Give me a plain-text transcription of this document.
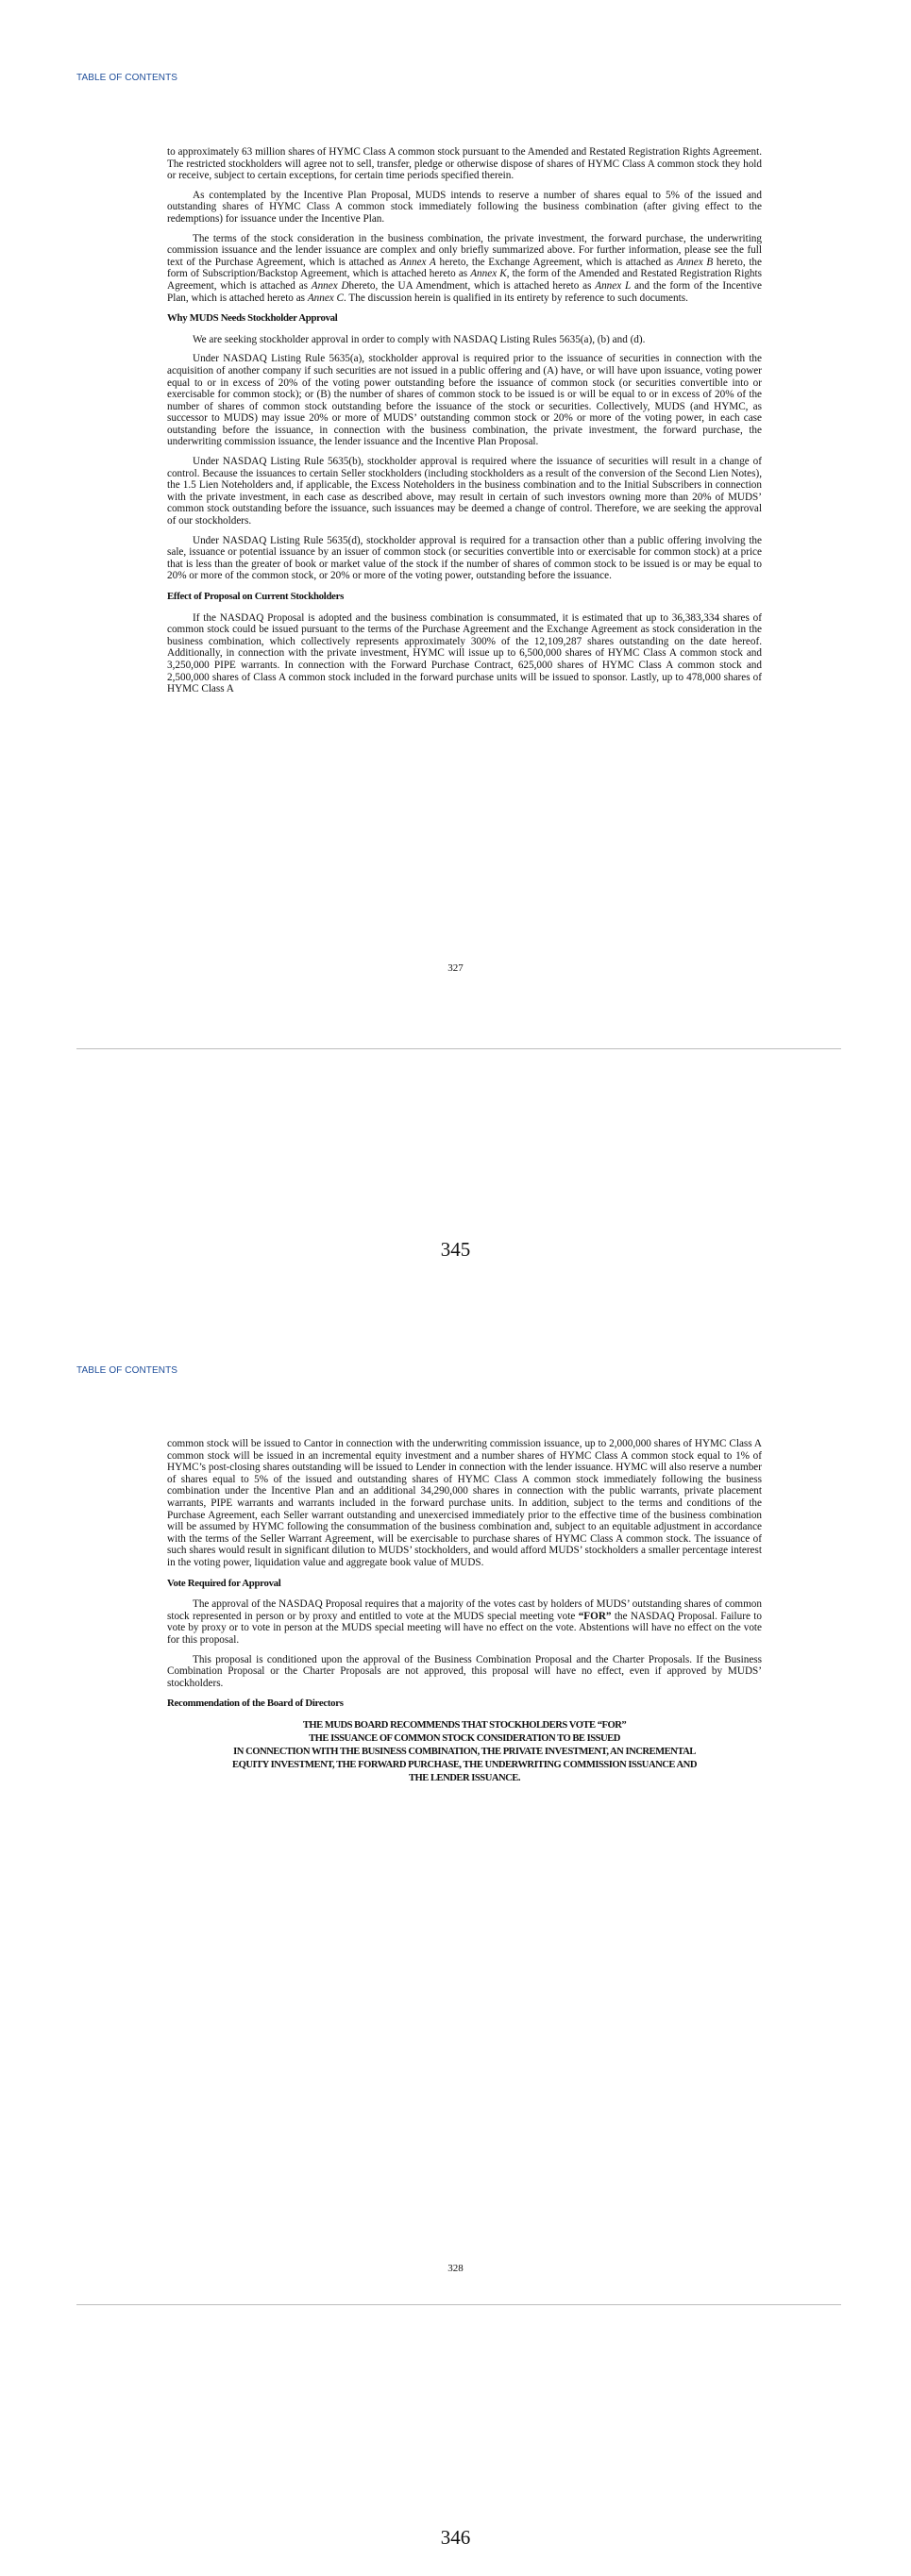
TABLE OF CONTENTS

to approximately 63 million shares of HYMC Class A common stock pursuant to the Amended and Restated Registration Rights Agreement. The restricted stockholders will agree not to sell, transfer, pledge or otherwise dispose of shares of HYMC Class A common stock they hold or receive, subject to certain exceptions, for certain time periods specified therein.

As contemplated by the Incentive Plan Proposal, MUDS intends to reserve a number of shares equal to 5% of the issued and outstanding shares of HYMC Class A common stock immediately following the business combination (after giving effect to the redemptions) for issuance under the Incentive Plan.

The terms of the stock consideration in the business combination, the private investment, the forward purchase, the underwriting commission issuance and the lender issuance are complex and only briefly summarized above. For further information, please see the full text of the Purchase Agreement, which is attached as Annex A hereto, the Exchange Agreement, which is attached as Annex B hereto, the form of Subscription/Backstop Agreement, which is attached hereto as Annex K, the form of the Amended and Restated Registration Rights Agreement, which is attached as Annex Dhereto, the UA Amendment, which is attached hereto as Annex L and the form of the Incentive Plan, which is attached hereto as Annex C. The discussion herein is qualified in its entirety by reference to such documents.

Why MUDS Needs Stockholder Approval

We are seeking stockholder approval in order to comply with NASDAQ Listing Rules 5635(a), (b) and (d).

Under NASDAQ Listing Rule 5635(a), stockholder approval is required prior to the issuance of securities in connection with the acquisition of another company if such securities are not issued in a public offering and (A) have, or will have upon issuance, voting power equal to or in excess of 20% of the voting power outstanding before the issuance of common stock (or securities convertible into or exercisable for common stock); or (B) the number of shares of common stock to be issued is or will be equal to or in excess of 20% of the number of shares of common stock outstanding before the issuance of the stock or securities. Collectively, MUDS (and HYMC, as successor to MUDS) may issue 20% or more of MUDS’ outstanding common stock or 20% or more of the voting power, in each case outstanding before the issuance, in connection with the business combination, the private investment, the forward purchase, the underwriting commission issuance, the lender issuance and the Incentive Plan Proposal.

Under NASDAQ Listing Rule 5635(b), stockholder approval is required where the issuance of securities will result in a change of control. Because the issuances to certain Seller stockholders (including stockholders as a result of the conversion of the Second Lien Notes), the 1.5 Lien Noteholders and, if applicable, the Excess Noteholders in the business combination and to the Initial Subscribers in connection with the private investment, in each case as described above, may result in certain of such investors owning more than 20% of MUDS’ common stock outstanding before the issuance, such issuances may be deemed a change of control. Therefore, we are seeking the approval of our stockholders.

Under NASDAQ Listing Rule 5635(d), stockholder approval is required for a transaction other than a public offering involving the sale, issuance or potential issuance by an issuer of common stock (or securities convertible into or exercisable for common stock) at a price that is less than the greater of book or market value of the stock if the number of shares of common stock to be issued is or may be equal to 20% or more of the common stock, or 20% or more of the voting power, outstanding before the issuance.

Effect of Proposal on Current Stockholders

If the NASDAQ Proposal is adopted and the business combination is consummated, it is estimated that up to 36,383,334 shares of common stock could be issued pursuant to the terms of the Purchase Agreement and the Exchange Agreement as stock consideration in the business combination, which collectively represents approximately 300% of the 12,109,287 shares outstanding on the date hereof. Additionally, in connection with the private investment, HYMC will issue up to 6,500,000 shares of HYMC Class A common stock and 3,250,000 PIPE warrants. In connection with the Forward Purchase Contract, 625,000 shares of HYMC Class A common stock and 2,500,000 shares of Class A common stock included in the forward purchase units will be issued to sponsor. Lastly, up to 478,000 shares of HYMC Class A

327
345
TABLE OF CONTENTS

common stock will be issued to Cantor in connection with the underwriting commission issuance, up to 2,000,000 shares of HYMC Class A common stock will be issued in an incremental equity investment and a number shares of HYMC Class A common stock equal to 1% of HYMC’s post-closing shares outstanding will be issued to Lender in connection with the lender issuance. HYMC will also reserve a number of shares equal to 5% of the issued and outstanding shares of HYMC Class A common stock immediately following the business combination under the Incentive Plan and an additional 34,290,000 shares in connection with the public warrants, private placement warrants, PIPE warrants and warrants included in the forward purchase units. In addition, subject to the terms and conditions of the Purchase Agreement, each Seller warrant outstanding and unexercised immediately prior to the effective time of the business combination will be assumed by HYMC following the consummation of the business combination and, subject to an equitable adjustment in accordance with the terms of the Seller Warrant Agreement, will be exercisable to purchase shares of HYMC Class A common stock. The issuance of such shares would result in significant dilution to MUDS’ stockholders, and would afford MUDS’ stockholders a smaller percentage interest in the voting power, liquidation value and aggregate book value of MUDS.

Vote Required for Approval

The approval of the NASDAQ Proposal requires that a majority of the votes cast by holders of MUDS’ outstanding shares of common stock represented in person or by proxy and entitled to vote at the MUDS special meeting vote “FOR” the NASDAQ Proposal. Failure to vote by proxy or to vote in person at the MUDS special meeting will have no effect on the vote. Abstentions will have no effect on the vote for this proposal.

This proposal is conditioned upon the approval of the Business Combination Proposal and the Charter Proposals. If the Business Combination Proposal or the Charter Proposals are not approved, this proposal will have no effect, even if approved by MUDS’ stockholders.

Recommendation of the Board of Directors
THE MUDS BOARD RECOMMENDS THAT STOCKHOLDERS VOTE “FOR”
THE ISSUANCE OF COMMON STOCK CONSIDERATION TO BE ISSUED
IN CONNECTION WITH THE BUSINESS COMBINATION, THE PRIVATE INVESTMENT, AN INCREMENTAL
EQUITY INVESTMENT, THE FORWARD PURCHASE, THE UNDERWRITING COMMISSION ISSUANCE AND
THE LENDER ISSUANCE.
328
346
